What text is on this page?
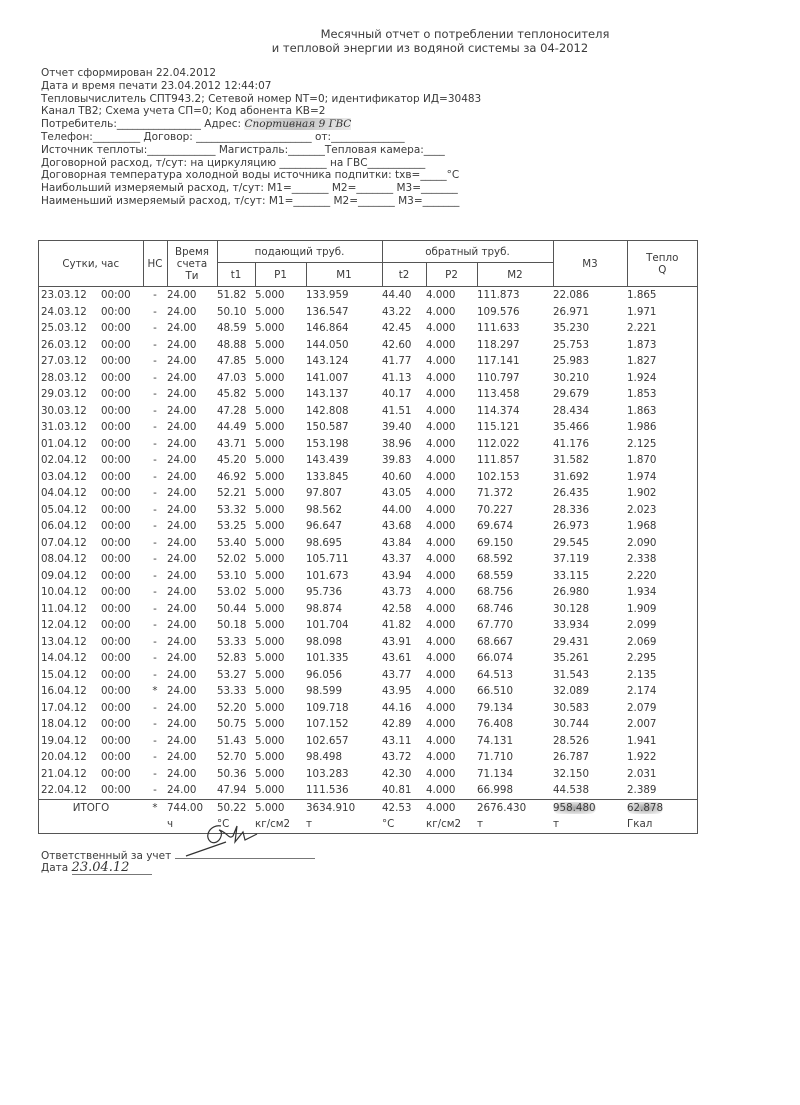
Месячный отчет о потреблении теплоносителя
и тепловой энергии из водяной системы за 04-2012
Отчет сформирован 22.04.2012
Дата и время печати 23.04.2012 12:44:07
Тепловычислитель СПТ943.2; Сетевой номер NT=0; идентификатор ИД=30483
Канал ТВ2; Схема учета СП=0; Код абонента КВ=2
Потребитель:________________ Адрес: Спортивная 9 ГВС
Телефон:_________ Договор: ______________________ от:______________
Источник теплоты:_____________ Магистраль:_______Тепловая камера:____
Договорной расход, т/сут: на циркуляцию _________ на ГВС___________
Договорная температура холодной воды источника подпитки: tхв=_____°С
Наибольший измеряемый расход, т/сут: М1=_______ М2=_______ М3=_______
Наименьший измеряемый расход, т/сут: М1=_______ М2=_______ М3=_______
Сутки, час		НС	Время счета Ти	подающий труб.			обратный труб.			M3	Тепло Q

				t1	P1	M1	t2	P2	M2		
23.03.12	00:00	-	24.00	51.82	5.000	133.959	44.40	4.000	111.873	22.086	1.865
24.03.12	00:00	-	24.00	50.10	5.000	136.547	43.22	4.000	109.576	26.971	1.971
25.03.12	00:00	-	24.00	48.59	5.000	146.864	42.45	4.000	111.633	35.230	2.221
26.03.12	00:00	-	24.00	48.88	5.000	144.050	42.60	4.000	118.297	25.753	1.873
27.03.12	00:00	-	24.00	47.85	5.000	143.124	41.77	4.000	117.141	25.983	1.827
28.03.12	00:00	-	24.00	47.03	5.000	141.007	41.13	4.000	110.797	30.210	1.924
29.03.12	00:00	-	24.00	45.82	5.000	143.137	40.17	4.000	113.458	29.679	1.853
30.03.12	00:00	-	24.00	47.28	5.000	142.808	41.51	4.000	114.374	28.434	1.863
31.03.12	00:00	-	24.00	44.49	5.000	150.587	39.40	4.000	115.121	35.466	1.986
01.04.12	00:00	-	24.00	43.71	5.000	153.198	38.96	4.000	112.022	41.176	2.125
02.04.12	00:00	-	24.00	45.20	5.000	143.439	39.83	4.000	111.857	31.582	1.870
03.04.12	00:00	-	24.00	46.92	5.000	133.845	40.60	4.000	102.153	31.692	1.974
04.04.12	00:00	-	24.00	52.21	5.000	97.807	43.05	4.000	71.372	26.435	1.902
05.04.12	00:00	-	24.00	53.32	5.000	98.562	44.00	4.000	70.227	28.336	2.023
06.04.12	00:00	-	24.00	53.25	5.000	96.647	43.68	4.000	69.674	26.973	1.968
07.04.12	00:00	-	24.00	53.40	5.000	98.695	43.84	4.000	69.150	29.545	2.090
08.04.12	00:00	-	24.00	52.02	5.000	105.711	43.37	4.000	68.592	37.119	2.338
09.04.12	00:00	-	24.00	53.10	5.000	101.673	43.94	4.000	68.559	33.115	2.220
10.04.12	00:00	-	24.00	53.02	5.000	95.736	43.73	4.000	68.756	26.980	1.934
11.04.12	00:00	-	24.00	50.44	5.000	98.874	42.58	4.000	68.746	30.128	1.909
12.04.12	00:00	-	24.00	50.18	5.000	101.704	41.82	4.000	67.770	33.934	2.099
13.04.12	00:00	-	24.00	53.33	5.000	98.098	43.91	4.000	68.667	29.431	2.069
14.04.12	00:00	-	24.00	52.83	5.000	101.335	43.61	4.000	66.074	35.261	2.295
15.04.12	00:00	-	24.00	53.27	5.000	96.056	43.77	4.000	64.513	31.543	2.135
16.04.12	00:00	*	24.00	53.33	5.000	98.599	43.95	4.000	66.510	32.089	2.174
17.04.12	00:00	-	24.00	52.20	5.000	109.718	44.16	4.000	79.134	30.583	2.079
18.04.12	00:00	-	24.00	50.75	5.000	107.152	42.89	4.000	76.408	30.744	2.007
19.04.12	00:00	-	24.00	51.43	5.000	102.657	43.11	4.000	74.131	28.526	1.941
20.04.12	00:00	-	24.00	52.70	5.000	98.498	43.72	4.000	71.710	26.787	1.922
21.04.12	00:00	-	24.00	50.36	5.000	103.283	42.30	4.000	71.134	32.150	2.031
22.04.12	00:00	-	24.00	47.94	5.000	111.536	40.81	4.000	66.998	44.538	2.389
ИТОГО		*	744.00	50.22	5.000	3634.910	42.53	4.000	2676.430	958.480	62.878
			ч	°С	кг/см2	т	°С	кг/см2	т	т	Гкал
Ответственный за учет
Дата 23.04.12
